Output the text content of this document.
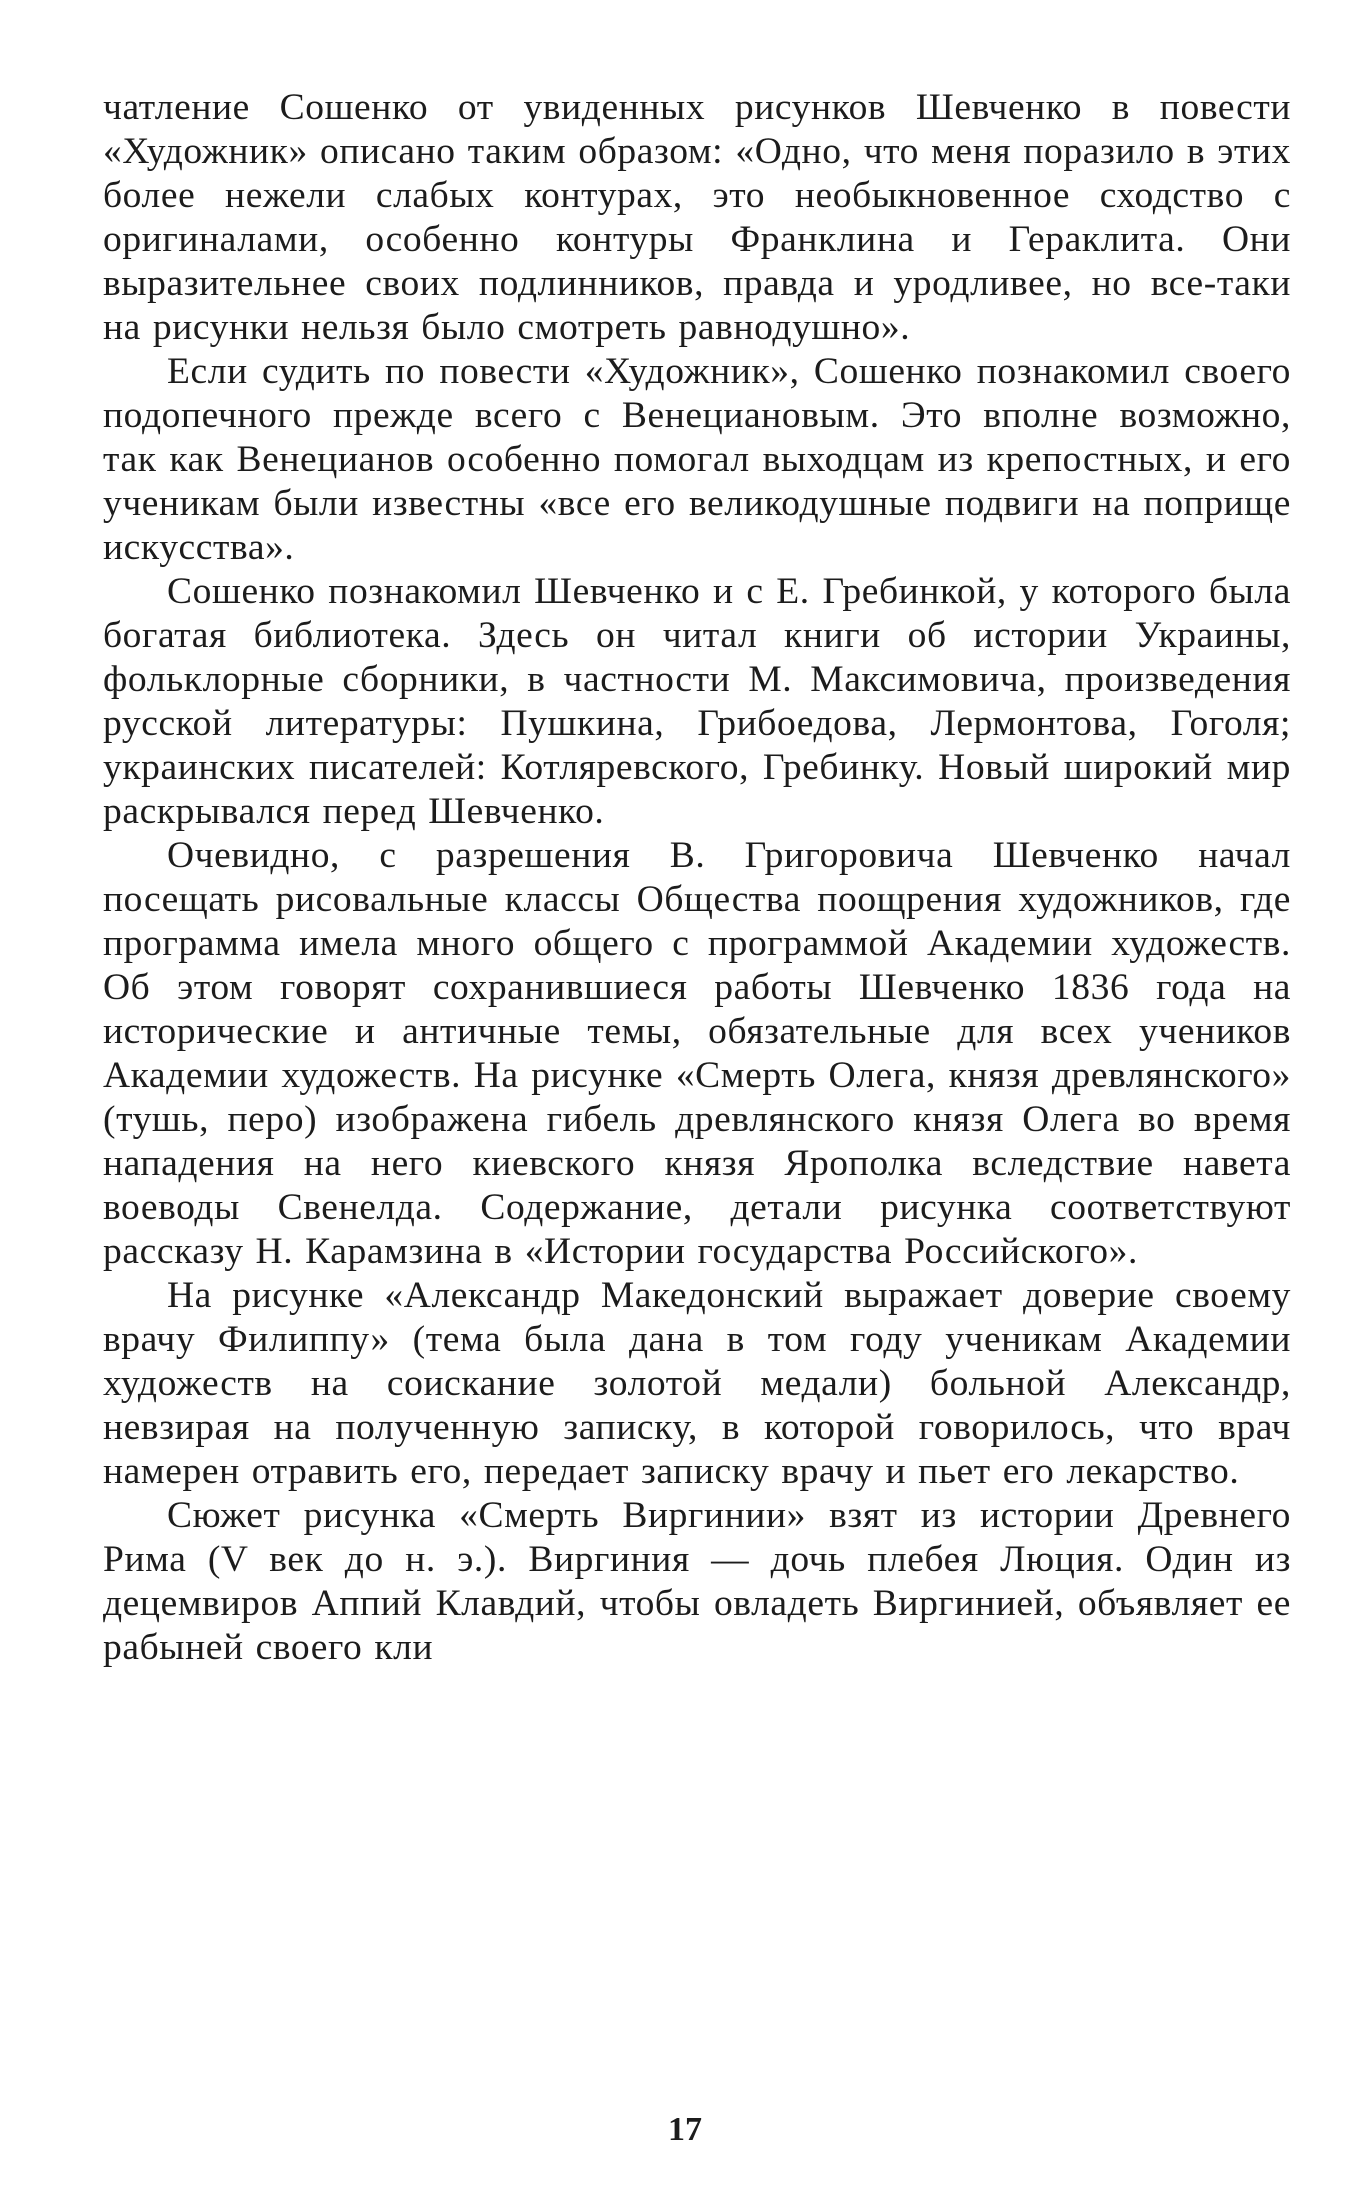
чатление Сошенко от увиденных рисунков Шевченко в повести «Художник» описано таким образом: «Одно, что меня поразило в этих более нежели слабых контурах, это необыкновенное сходство с оригиналами, особенно контуры Франклина и Гераклита. Они выразительнее своих подлинников, правда и уродливее, но все-таки на рисунки нельзя было смотреть равнодушно».

Если судить по повести «Художник», Сошенко познакомил своего подопечного прежде всего с Венециановым. Это вполне возможно, так как Венецианов особенно помогал выходцам из крепостных, и его ученикам были известны «все его великодушные подвиги на поприще искусства».

Сошенко познакомил Шевченко и с Е. Гребинкой, у которого была богатая библиотека. Здесь он читал книги об истории Украины, фольклорные сборники, в частности М. Максимовича, произведения русской литературы: Пушкина, Грибоедова, Лермонтова, Гоголя; украинских писателей: Котляревского, Гребинку. Новый широкий мир раскрывался перед Шевченко.

Очевидно, с разрешения В. Григоровича Шевченко начал посещать рисовальные классы Общества поощрения художников, где программа имела много общего с программой Академии художеств. Об этом говорят сохранившиеся работы Шевченко 1836 года на исторические и античные темы, обязательные для всех учеников Академии художеств. На рисунке «Смерть Олега, князя древлянского» (тушь, перо) изображена гибель древлянского князя Олега во время нападения на него киевского князя Ярополка вследствие навета воеводы Свенелда. Содержание, детали рисунка соответствуют рассказу Н. Карамзина в «Истории государства Российского».

На рисунке «Александр Македонский выражает доверие своему врачу Филиппу» (тема была дана в том году ученикам Академии художеств на соискание золотой медали) больной Александр, невзирая на полученную записку, в которой говорилось, что врач намерен отравить его, передает записку врачу и пьет его лекарство.

Сюжет рисунка «Смерть Виргинии» взят из истории Древнего Рима (V век до н. э.). Виргиния — дочь плебея Люция. Один из децемвиров Аппий Клавдий, чтобы овладеть Виргинией, объявляет ее рабыней своего кли

17
